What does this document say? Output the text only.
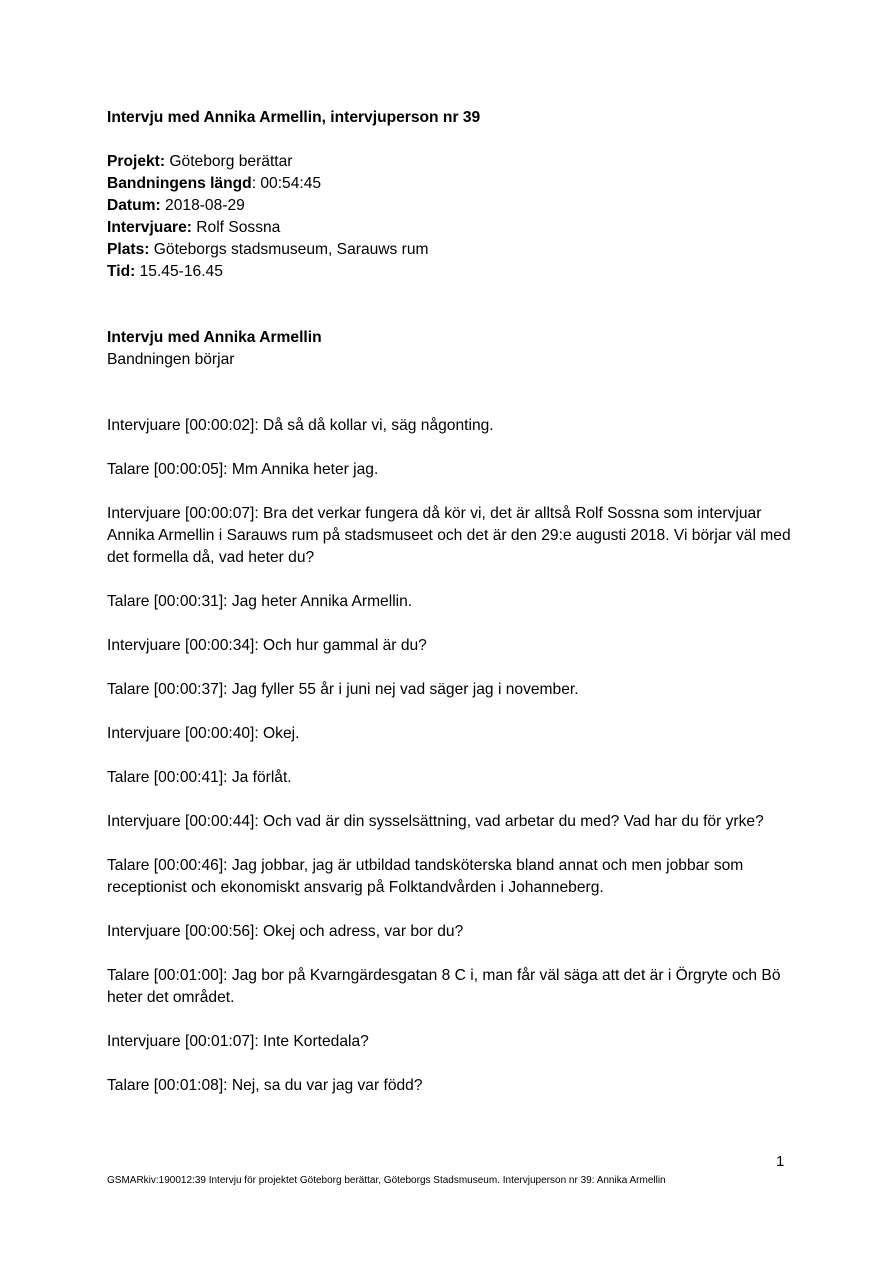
Intervju med Annika Armellin, intervjuperson nr 39
Projekt: Göteborg berättar
Bandningens längd: 00:54:45
Datum: 2018-08-29
Intervjuare: Rolf Sossna
Plats: Göteborgs stadsmuseum, Sarauws rum
Tid: 15.45-16.45
Intervju med Annika Armellin
Bandningen börjar

Intervjuare [00:00:02]: Då så då kollar vi, säg någonting.

Talare [00:00:05]: Mm Annika heter jag.

Intervjuare [00:00:07]: Bra det verkar fungera då kör vi, det är alltså Rolf Sossna som intervjuar Annika Armellin i Sarauws rum på stadsmuseet och det är den 29:e augusti 2018. Vi börjar väl med det formella då, vad heter du?

Talare [00:00:31]: Jag heter Annika Armellin.

Intervjuare [00:00:34]: Och hur gammal är du?

Talare [00:00:37]: Jag fyller 55 år i juni nej vad säger jag i november.

Intervjuare [00:00:40]: Okej.

Talare [00:00:41]: Ja förlåt.

Intervjuare [00:00:44]: Och vad är din sysselsättning, vad arbetar du med? Vad har du för yrke?

Talare [00:00:46]: Jag jobbar, jag är utbildad tandsköterska bland annat och men jobbar som receptionist och ekonomiskt ansvarig på Folktandvården i Johanneberg.

Intervjuare [00:00:56]: Okej och adress, var bor du?

Talare [00:01:00]: Jag bor på Kvarngärdesgatan 8 C i, man får väl säga att det är i Örgryte och Bö heter det området.

Intervjuare [00:01:07]: Inte Kortedala?

Talare [00:01:08]: Nej, sa du var jag var född?

1
GSMARkiv:190012:39 Intervju för projektet Göteborg berättar, Göteborgs Stadsmuseum. Intervjuperson nr 39: Annika Armellin
